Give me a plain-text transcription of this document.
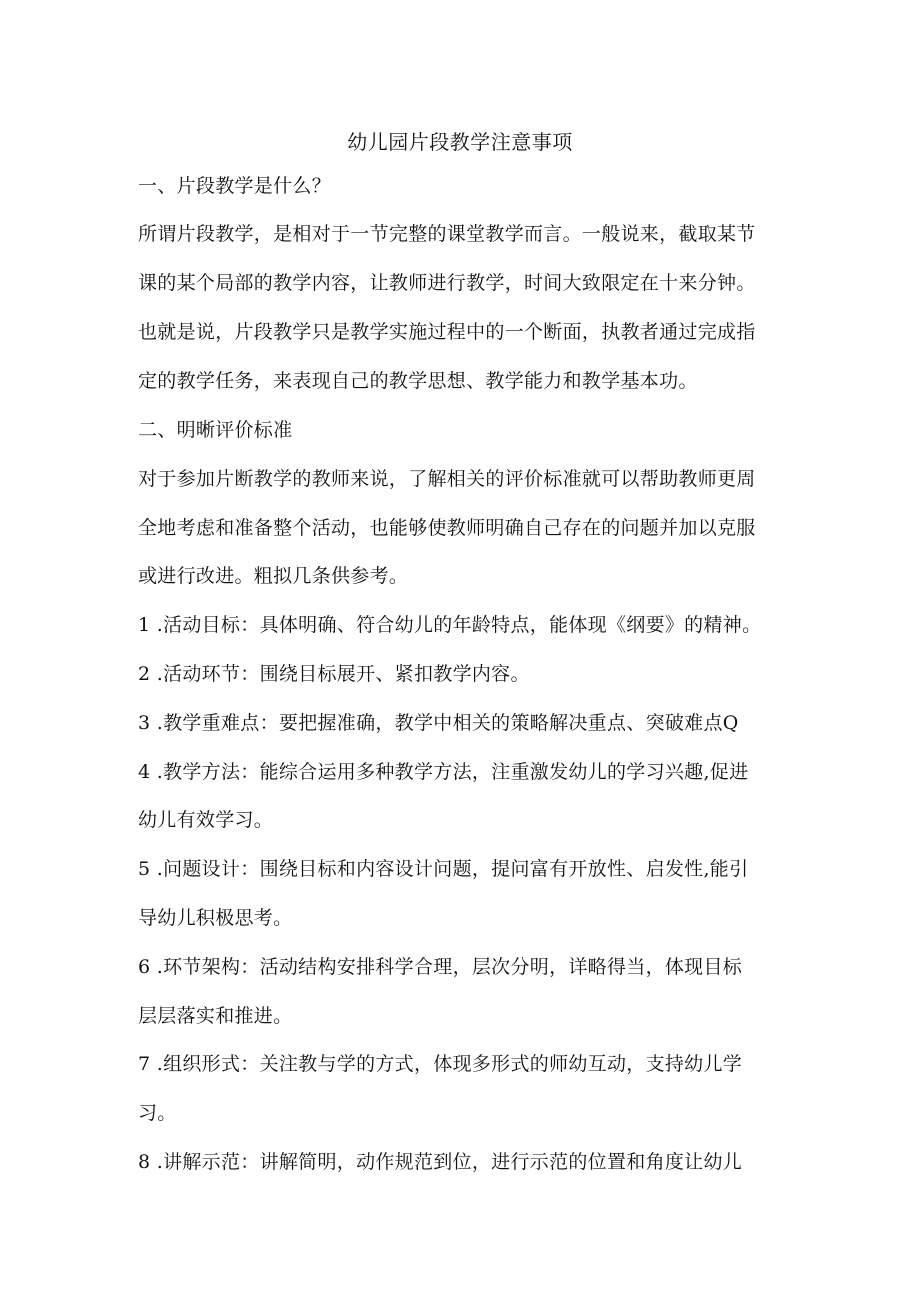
幼儿园片段教学注意事项

一、片段教学是什么？

所谓片段教学，是相对于一节完整的课堂教学而言。一般说来，截取某节

课的某个局部的教学内容，让教师进行教学，时间大致限定在十来分钟。

也就是说，片段教学只是教学实施过程中的一个断面，执教者通过完成指

定的教学任务，来表现自己的教学思想、教学能力和教学基本功。

二、明晰评价标准

对于参加片断教学的教师来说，了解相关的评价标准就可以帮助教师更周

全地考虑和准备整个活动，也能够使教师明确自己存在的问题并加以克服

或进行改进。粗拟几条供参考。

1 .活动目标：具体明确、符合幼儿的年龄特点，能体现《纲要》的精神。

2 .活动环节：围绕目标展开、紧扣教学内容。

3 .教学重难点：要把握准确，教学中相关的策略解决重点、突破难点Q

4 .教学方法：能综合运用多种教学方法，注重激发幼儿的学习兴趣,促进

幼儿有效学习。

5 .问题设计：围绕目标和内容设计问题，提问富有开放性、启发性,能引

导幼儿积极思考。

6 .环节架构：活动结构安排科学合理，层次分明，详略得当，体现目标

层层落实和推进。

7 .组织形式：关注教与学的方式，体现多形式的师幼互动，支持幼儿学

习。

8 .讲解示范：讲解简明，动作规范到位，进行示范的位置和角度让幼儿
